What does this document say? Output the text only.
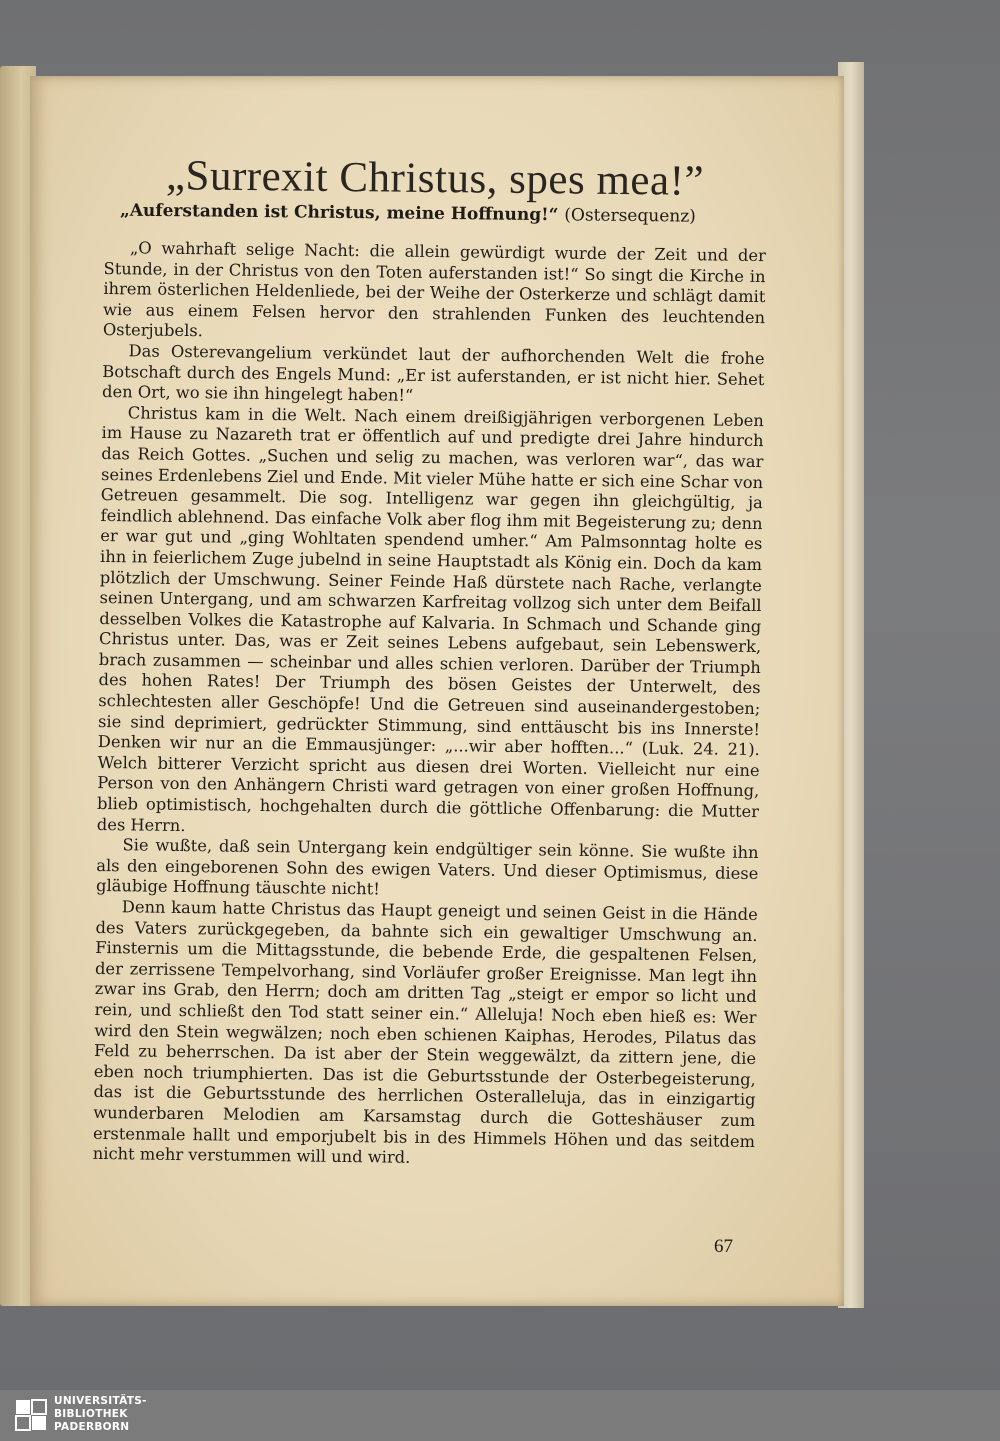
„Surrexit Christus, spes mea!”
„Auferstanden ist Christus, meine Hoffnung!“ (Ostersequenz)

„O wahrhaft selige Nacht: die allein gewürdigt wurde der Zeit und der Stunde, in der Christus von den Toten auferstanden ist!“ So singt die Kirche in ihrem österlichen Heldenliede, bei der Weihe der Osterkerze und schlägt damit wie aus einem Felsen hervor den strahlenden Funken des leuchtenden Osterjubels.

Das Osterevangelium verkündet laut der aufhorchenden Welt die frohe Botschaft durch des Engels Mund: „Er ist auferstanden, er ist nicht hier. Sehet den Ort, wo sie ihn hingelegt haben!“

Christus kam in die Welt. Nach einem dreißigjährigen verborgenen Leben im Hause zu Nazareth trat er öffentlich auf und predigte drei Jahre hindurch das Reich Gottes. „Suchen und selig zu machen, was verloren war“, das war seines Erdenlebens Ziel und Ende. Mit vieler Mühe hatte er sich eine Schar von Getreuen gesammelt. Die sog. Intelligenz war gegen ihn gleichgültig, ja feindlich ablehnend. Das einfache Volk aber flog ihm mit Begeisterung zu; denn er war gut und „ging Wohltaten spendend umher.“ Am Palmsonntag holte es ihn in feierlichem Zuge jubelnd in seine Hauptstadt als König ein. Doch da kam plötzlich der Umschwung. Seiner Feinde Haß dürstete nach Rache, verlangte seinen Untergang, und am schwarzen Karfreitag vollzog sich unter dem Beifall desselben Volkes die Katastrophe auf Kalvaria. In Schmach und Schande ging Christus unter. Das, was er Zeit seines Lebens aufgebaut, sein Lebenswerk, brach zusammen — scheinbar und alles schien verloren. Darüber der Triumph des hohen Rates! Der Triumph des bösen Geistes der Unterwelt, des schlechtesten aller Geschöpfe! Und die Getreuen sind auseinandergestoben; sie sind deprimiert, gedrückter Stimmung, sind enttäuscht bis ins Innerste! Denken wir nur an die Emmausjünger: „...wir aber hofften...“ (Luk. 24. 21). Welch bitterer Verzicht spricht aus diesen drei Worten. Vielleicht nur eine Person von den Anhängern Christi ward getragen von einer großen Hoffnung, blieb optimistisch, hochgehalten durch die göttliche Offenbarung: die Mutter des Herrn.

Sie wußte, daß sein Untergang kein endgültiger sein könne. Sie wußte ihn als den eingeborenen Sohn des ewigen Vaters. Und dieser Optimismus, diese gläubige Hoffnung täuschte nicht!

Denn kaum hatte Christus das Haupt geneigt und seinen Geist in die Hände des Vaters zurückgegeben, da bahnte sich ein gewaltiger Umschwung an. Finsternis um die Mittagsstunde, die bebende Erde, die gespaltenen Felsen, der zerrissene Tempelvorhang, sind Vorläufer großer Ereignisse. Man legt ihn zwar ins Grab, den Herrn; doch am dritten Tag „steigt er empor so licht und rein, und schließt den Tod statt seiner ein.“ Alleluja! Noch eben hieß es: Wer wird den Stein wegwälzen; noch eben schienen Kaiphas, Herodes, Pilatus das Feld zu beherrschen. Da ist aber der Stein weggewälzt, da zittern jene, die eben noch triumphierten. Das ist die Geburtsstunde der Osterbegeisterung, das ist die Geburtsstunde des herrlichen Osteralleluja, das in einzigartig wunderbaren Melodien am Karsamstag durch die Gotteshäuser zum erstenmale hallt und emporjubelt bis in des Himmels Höhen und das seitdem nicht mehr verstummen will und wird.

67
UNIVERSITÄTS-
BIBLIOTHEK
PADERBORN
